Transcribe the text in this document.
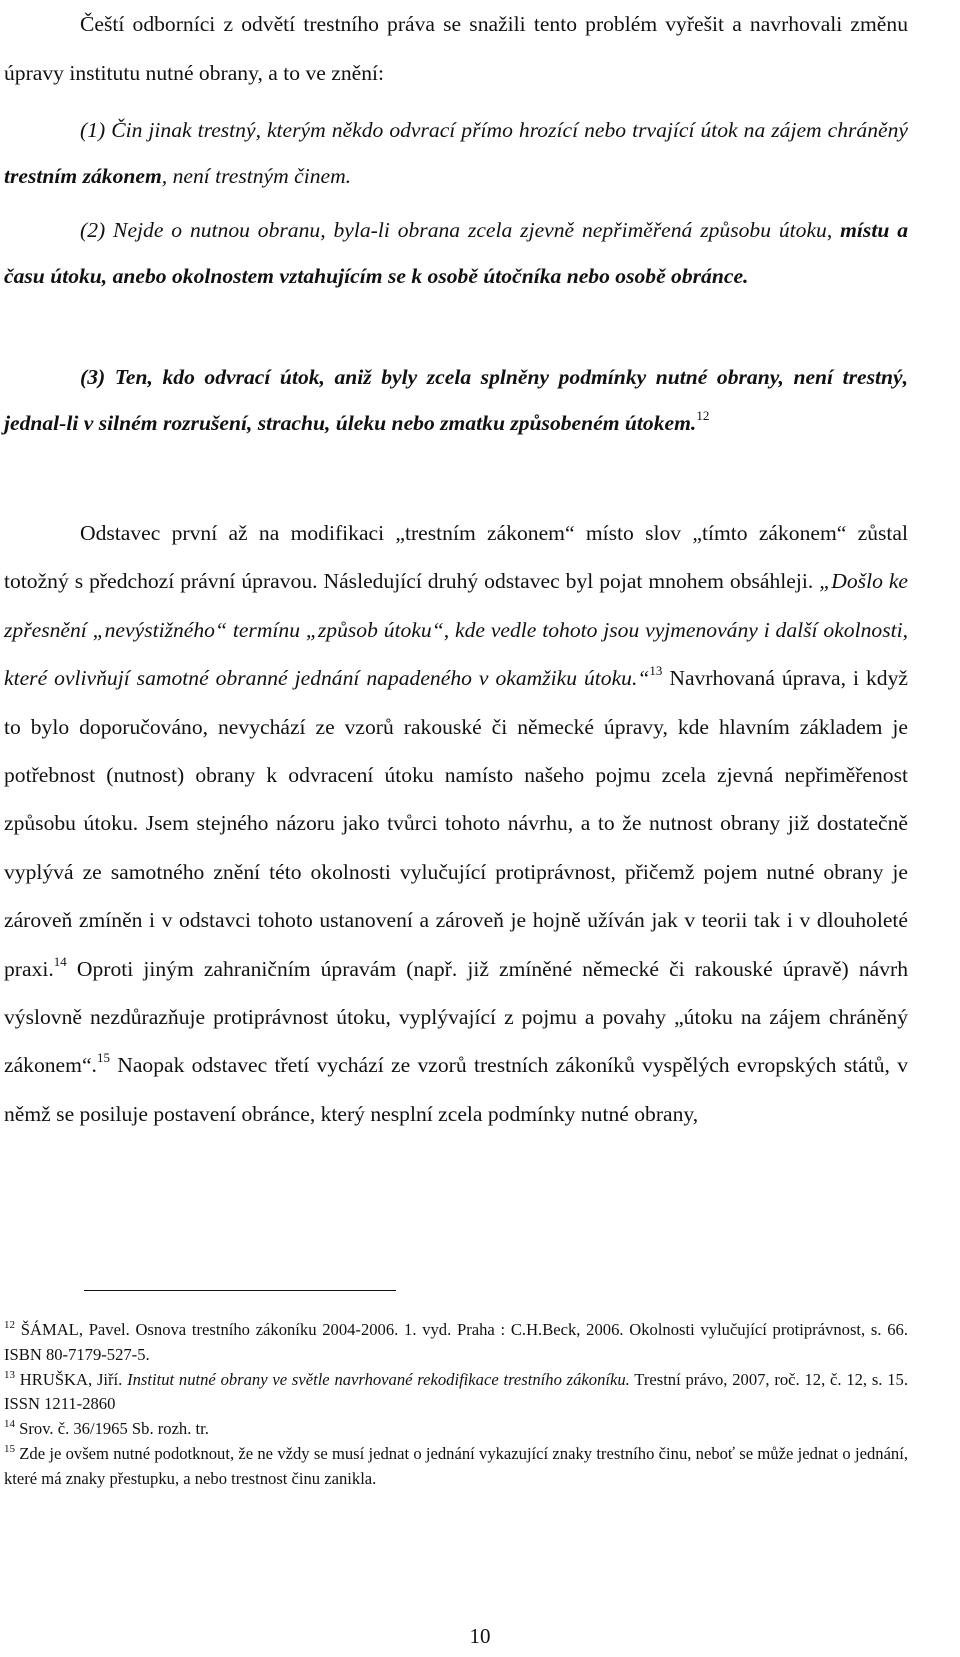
Čeští odborníci z odvětí trestního práva se snažili tento problém vyřešit a navrhovali změnu úpravy institutu nutné obrany, a to ve znění:

(1) Čin jinak trestný, kterým někdo odvrací přímo hrozící nebo trvající útok na zájem chráněný trestním zákonem, není trestným činem.

(2) Nejde o nutnou obranu, byla-li obrana zcela zjevně nepřiměřená způsobu útoku, místu a času útoku, anebo okolnostem vztahujícím se k osobě útočníka nebo osobě obránce.

(3) Ten, kdo odvrací útok, aniž byly zcela splněny podmínky nutné obrany, není trestný, jednal-li v silném rozrušení, strachu, úleku nebo zmatku způsobeném útokem.$^{12}$

Odstavec první až na modifikaci „trestním zákonem“ místo slov „tímto zákonem“ zůstal totožný s předchozí právní úpravou. Následující druhý odstavec byl pojat mnohem obsáhleji. „Došlo ke zpřesnění „nevýstižného“ termínu „způsob útoku“, kde vedle tohoto jsou vyjmenovány i další okolnosti, které ovlivňují samotné obranné jednání napadeného v okamžiku útoku.“$^{13}$ Navrhovaná úprava, i když to bylo doporučováno, nevychází ze vzorů rakouské či německé úpravy, kde hlavním základem je potřebnost (nutnost) obrany k odvracení útoku namísto našeho pojmu zcela zjevná nepřiměřenost způsobu útoku. Jsem stejného názoru jako tvůrci tohoto návrhu, a to že nutnost obrany již dostatečně vyplývá ze samotného znění této okolnosti vylučující protiprávnost, přičemž pojem nutné obrany je zároveň zmíněn i v odstavci tohoto ustanovení a zároveň je hojně užíván jak v teorii tak i v dlouholeté praxi.$^{14}$ Oproti jiným zahraničním úpravám (např. již zmíněné německé či rakouské úpravě) návrh výslovně nezdůrazňuje protiprávnost útoku, vyplývající z pojmu a povahy „útoku na zájem chráněný zákonem“.$^{15}$ Naopak odstavec třetí vychází ze vzorů trestních zákoníků vyspělých evropských států, v němž se posiluje postavení obránce, který nesplní zcela podmínky nutné obrany,

$^{12}$ ŠÁMAL, Pavel. Osnova trestního zákoníku 2004-2006. 1. vyd. Praha : C.H.Beck, 2006. Okolnosti vylučující protiprávnost, s. 66. ISBN 80-7179-527-5.

$^{13}$ HRUŠKA, Jiří. Institut nutné obrany ve světle navrhované rekodifikace trestního zákoníku. Trestní právo, 2007, roč. 12, č. 12, s. 15. ISSN 1211-2860

$^{14}$ Srov. č. 36/1965 Sb. rozh. tr.

$^{15}$ Zde je ovšem nutné podotknout, že ne vždy se musí jednat o jednání vykazující znaky trestního činu, neboť se může jednat o jednání, které má znaky přestupku, a nebo trestnost činu zanikla.

10
